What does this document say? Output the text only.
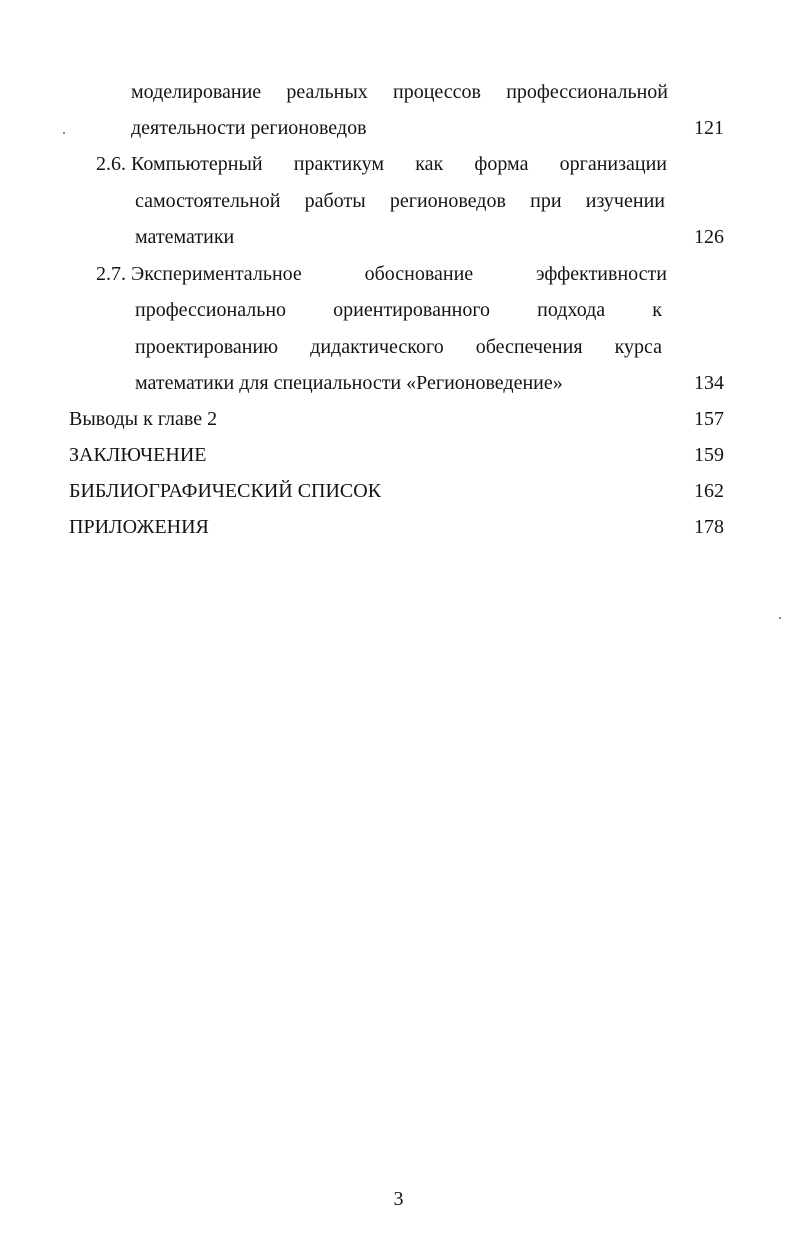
моделирование реальных процессов профессиональной
деятельности регионоведов	121
2.6. Компьютерный практикум как форма организации
самостоятельной работы регионоведов при изучении
математики	126
2.7. Экспериментальное	обоснование	эффективности
профессионально ориентированного подхода к
проектированию дидактического обеспечения курса
математики для специальности «Регионоведение»	134
Выводы к главе 2	157
ЗАКЛЮЧЕНИЕ	159
БИБЛИОГРАФИЧЕСКИЙ СПИСОК	162
ПРИЛОЖЕНИЯ	178
3
